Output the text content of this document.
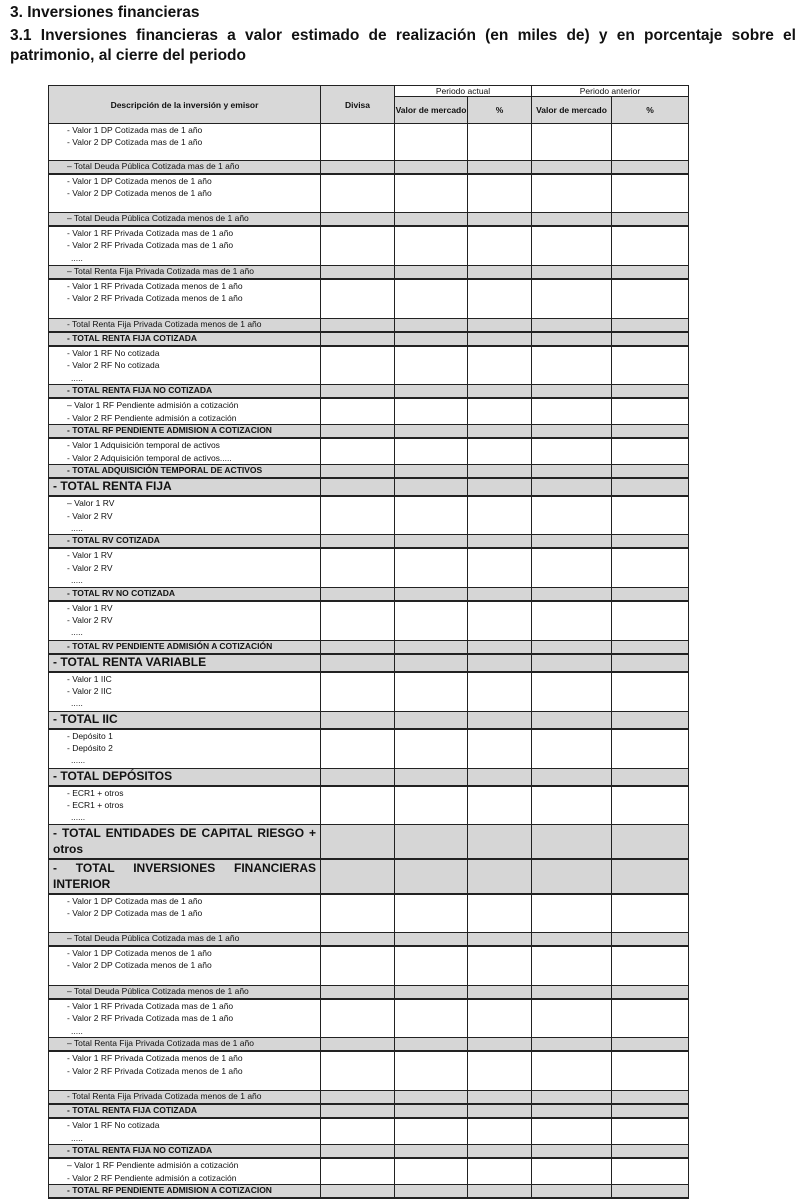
3. Inversiones financieras
3.1 Inversiones financieras a valor estimado de realización (en miles de) y en porcentaje sobre el patrimonio, al cierre del periodo
Descripción de la inversión y emisor	Divisa	Periodo actual		Periodo anterior	
		Valor de mercado	%	Valor de mercado	%

- Valor 1 DP Cotizada mas de 1 año
- Valor 2 DP Cotizada mas de 1 año					

– Total Deuda Pública Cotizada mas de 1 año					

- Valor 1 DP Cotizada menos de 1 año
- Valor 2 DP Cotizada menos de 1 año					

– Total Deuda Pública Cotizada menos de 1 año					

- Valor 1 RF Privada Cotizada mas de 1 año
- Valor 2 RF Privada Cotizada mas de 1 año
.....					

– Total Renta Fija Privada Cotizada mas de 1 año					

- Valor 1 RF Privada Cotizada menos de 1 año
- Valor 2 RF Privada Cotizada menos de 1 año					

- Total Renta Fija Privada Cotizada menos de 1 año					
- TOTAL RENTA FIJA COTIZADA					

- Valor 1 RF No cotizada
- Valor 2 RF No cotizada
.....					

- TOTAL RENTA FIJA NO COTIZADA					

– Valor 1 RF Pendiente admisión a cotización
- Valor 2 RF Pendiente admisión a cotización					

- TOTAL RF PENDIENTE ADMISION A COTIZACION					

- Valor 1 Adquisición temporal de activos
- Valor 2 Adquisición temporal de activos.....					

- TOTAL ADQUISICIÓN TEMPORAL DE ACTIVOS					
- TOTAL RENTA FIJA					

– Valor 1 RV
- Valor 2 RV
.....					

- TOTAL RV COTIZADA					

- Valor 1 RV
- Valor 2 RV
.....					

- TOTAL RV NO COTIZADA					

- Valor 1 RV
- Valor 2 RV
.....					

- TOTAL RV PENDIENTE ADMISIÓN A COTIZACIÓN					
- TOTAL RENTA VARIABLE					

- Valor 1 IIC
- Valor 2 IIC
.....					

- TOTAL IIC					

- Depósito 1
- Depósito 2
......					

- TOTAL DEPÓSITOS					

- ECR1 + otros
- ECR1 + otros
......					

- TOTAL ENTIDADES DE CAPITAL RIESGO + otros					
- TOTAL INVERSIONES FINANCIERAS INTERIOR					

- Valor 1 DP Cotizada mas de 1 año
- Valor 2 DP Cotizada mas de 1 año					

– Total Deuda Pública Cotizada mas de 1 año					

- Valor 1 DP Cotizada menos de 1 año
- Valor 2 DP Cotizada menos de 1 año					

– Total Deuda Pública Cotizada menos de 1 año					

- Valor 1 RF Privada Cotizada mas de 1 año
- Valor 2 RF Privada Cotizada mas de 1 año
.....					

– Total Renta Fija Privada Cotizada mas de 1 año					

- Valor 1 RF Privada Cotizada menos de 1 año
- Valor 2 RF Privada Cotizada menos de 1 año					

- Total Renta Fija Privada Cotizada menos de 1 año					
- TOTAL RENTA FIJA COTIZADA					

- Valor 1 RF No cotizada
.....					

- TOTAL RENTA FIJA NO COTIZADA					

– Valor 1 RF Pendiente admisión a cotización
- Valor 2 RF Pendiente admisión a cotización					

- TOTAL RF PENDIENTE ADMISION A COTIZACION					
